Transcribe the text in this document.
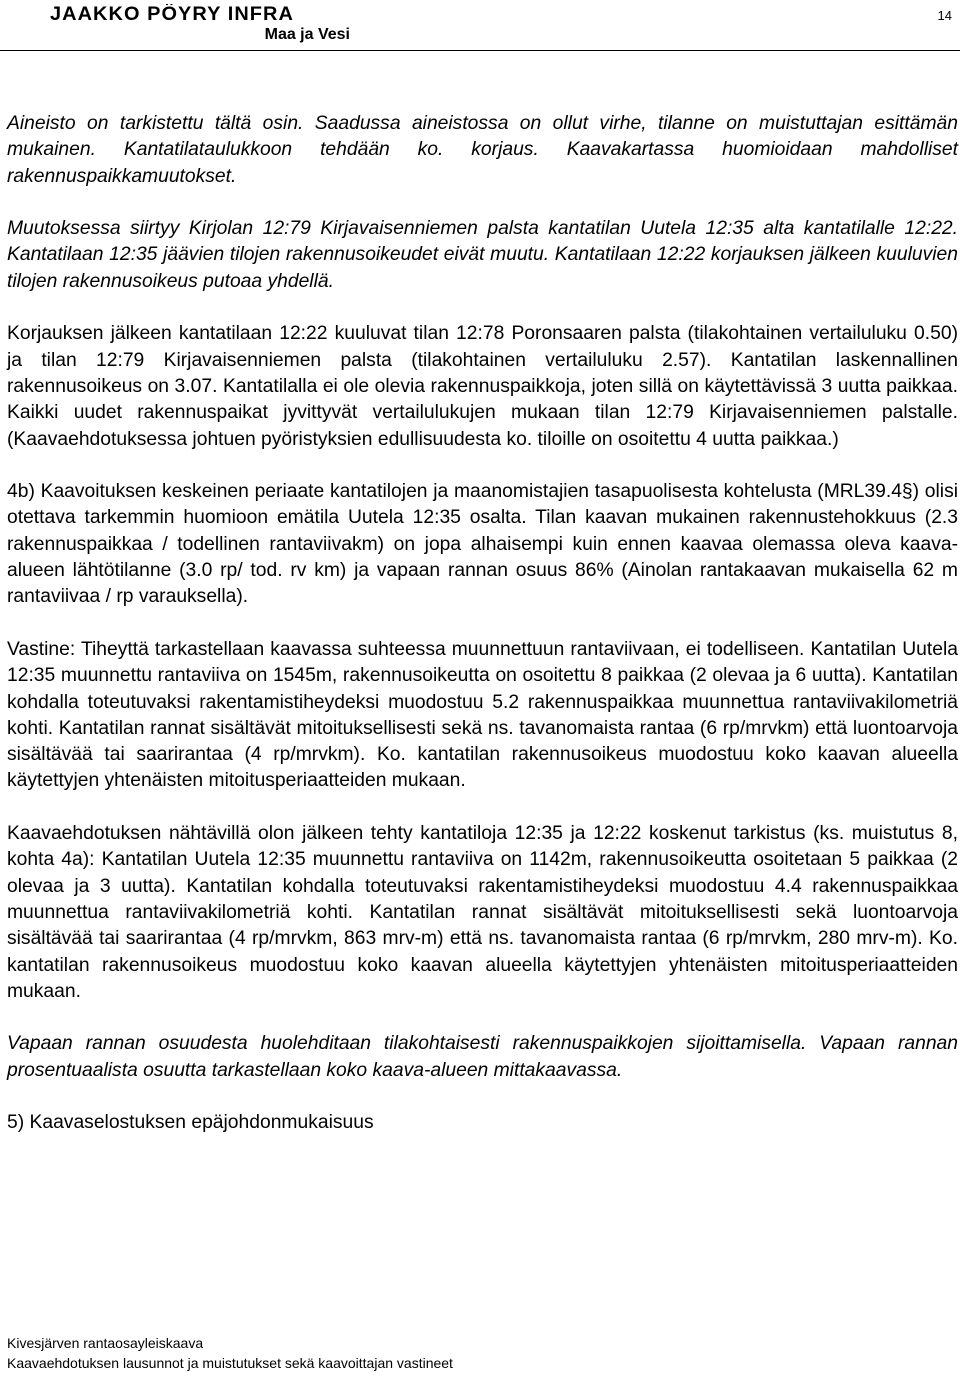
JAAKKO PÖYRY INFRA
Maa ja Vesi
14

Aineisto on tarkistettu tältä osin. Saadussa aineistossa on ollut virhe, tilanne on muistuttajan esittämän mukainen. Kantatilataulukkoon tehdään ko. korjaus. Kaavakartassa huomioidaan mahdolliset rakennuspaikkamuutokset.

Muutoksessa siirtyy Kirjolan 12:79 Kirjavaisenniemen palsta kantatilan Uutela 12:35 alta kantatilalle 12:22. Kantatilaan 12:35 jäävien tilojen rakennusoikeudet eivät muutu. Kantatilaan 12:22 korjauksen jälkeen kuuluvien tilojen rakennusoikeus putoaa yhdellä.

Korjauksen jälkeen kantatilaan 12:22 kuuluvat tilan 12:78 Poronsaaren palsta (tilakohtainen vertailuluku 0.50) ja tilan 12:79 Kirjavaisenniemen palsta (tilakohtainen vertailuluku 2.57). Kantatilan laskennallinen rakennusoikeus on 3.07. Kantatilalla ei ole olevia rakennuspaikkoja, joten sillä on käytettävissä 3 uutta paikkaa. Kaikki uudet rakennuspaikat jyvittyvät vertailulukujen mukaan tilan 12:79 Kirjavaisenniemen palstalle. (Kaavaehdotuksessa johtuen pyöristyksien edullisuudesta ko. tiloille on osoitettu 4 uutta paikkaa.)

4b) Kaavoituksen keskeinen periaate kantatilojen ja maanomistajien tasapuolisesta kohtelusta (MRL39.4§) olisi otettava tarkemmin huomioon emätila Uutela 12:35 osalta. Tilan kaavan mukainen rakennustehokkuus (2.3 rakennuspaikkaa / todellinen rantaviivakm) on jopa alhaisempi kuin ennen kaavaa olemassa oleva kaava-alueen lähtötilanne (3.0 rp/ tod. rv km) ja vapaan rannan osuus 86% (Ainolan rantakaavan mukaisella 62 m rantaviivaa / rp varauksella).

Vastine: Tiheyttä tarkastellaan kaavassa suhteessa muunnettuun rantaviivaan, ei todelliseen. Kantatilan Uutela 12:35 muunnettu rantaviiva on 1545m, rakennusoikeutta on osoitettu 8 paikkaa (2 olevaa ja 6 uutta). Kantatilan kohdalla toteutuvaksi rakentamistiheydeksi muodostuu 5.2 rakennuspaikkaa muunnettua rantaviivakilometriä kohti. Kantatilan rannat sisältävät mitoituksellisesti sekä ns. tavanomaista rantaa (6 rp/mrvkm) että luontoarvoja sisältävää tai saarirantaa (4 rp/mrvkm). Ko. kantatilan rakennusoikeus muodostuu koko kaavan alueella käytettyjen yhtenäisten mitoitusperiaatteiden mukaan.

Kaavaehdotuksen nähtävillä olon jälkeen tehty kantatiloja 12:35 ja 12:22 koskenut tarkistus (ks. muistutus 8, kohta 4a): Kantatilan Uutela 12:35 muunnettu rantaviiva on 1142m, rakennusoikeutta osoitetaan 5 paikkaa (2 olevaa ja 3 uutta). Kantatilan kohdalla toteutuvaksi rakentamistiheydeksi muodostuu 4.4 rakennuspaikkaa muunnettua rantaviivakilometriä kohti. Kantatilan rannat sisältävät mitoituksellisesti sekä luontoarvoja sisältävää tai saarirantaa (4 rp/mrvkm, 863 mrv-m) että ns. tavanomaista rantaa (6 rp/mrvkm, 280 mrv-m). Ko. kantatilan rakennusoikeus muodostuu koko kaavan alueella käytettyjen yhtenäisten mitoitusperiaatteiden mukaan.

Vapaan rannan osuudesta huolehditaan tilakohtaisesti rakennuspaikkojen sijoittamisella. Vapaan rannan prosentuaalista osuutta tarkastellaan koko kaava-alueen mittakaavassa.

5) Kaavaselostuksen epäjohdonmukaisuus

Kivesjärven rantaosayleiskaava
Kaavaehdotuksen lausunnot ja muistutukset sekä kaavoittajan vastineet
